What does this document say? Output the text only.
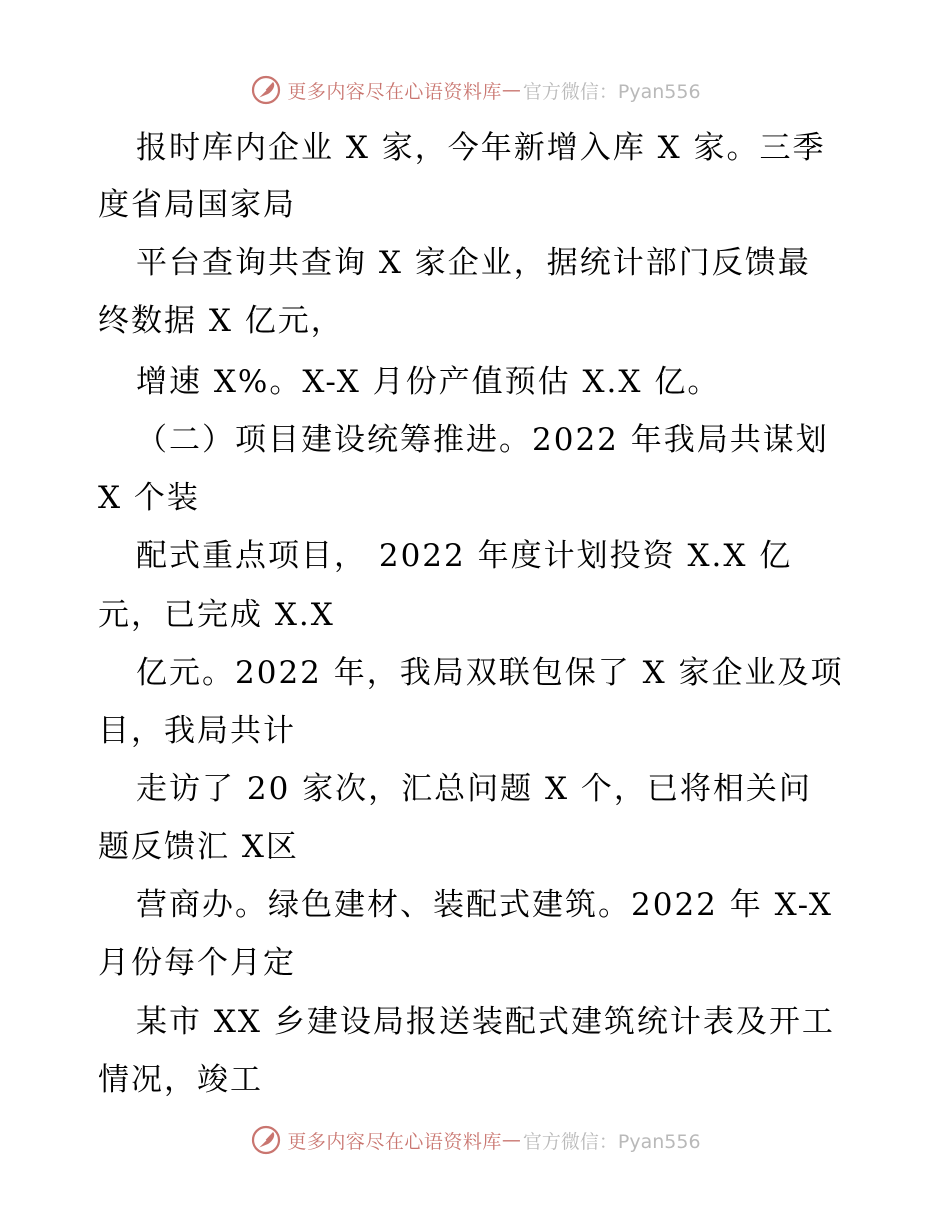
更多内容尽在心语资料库 — 官方微信：Pyan556
报时库内企业 X 家，今年新增入库 X 家。三季
度省局国家局
平台查询共查询 X 家企业，据统计部门反馈最
终数据 X 亿元，
增速 X%。X-X 月份产值预估 X.X 亿。
（二）项目建设统筹推进。2022 年我局共谋划
X 个装
配式重点项目， 2022 年度计划投资 X.X 亿
元，已完成 X.X
亿元。2022 年，我局双联包保了 X 家企业及项
目，我局共计
走访了 20 家次，汇总问题 X 个，已将相关问
题反馈汇 X区
营商办。绿色建材、装配式建筑。2022 年 X-X
月份每个月定
某市 XX 乡建设局报送装配式建筑统计表及开工
情况，竣工
更多内容尽在心语资料库 — 官方微信：Pyan556
